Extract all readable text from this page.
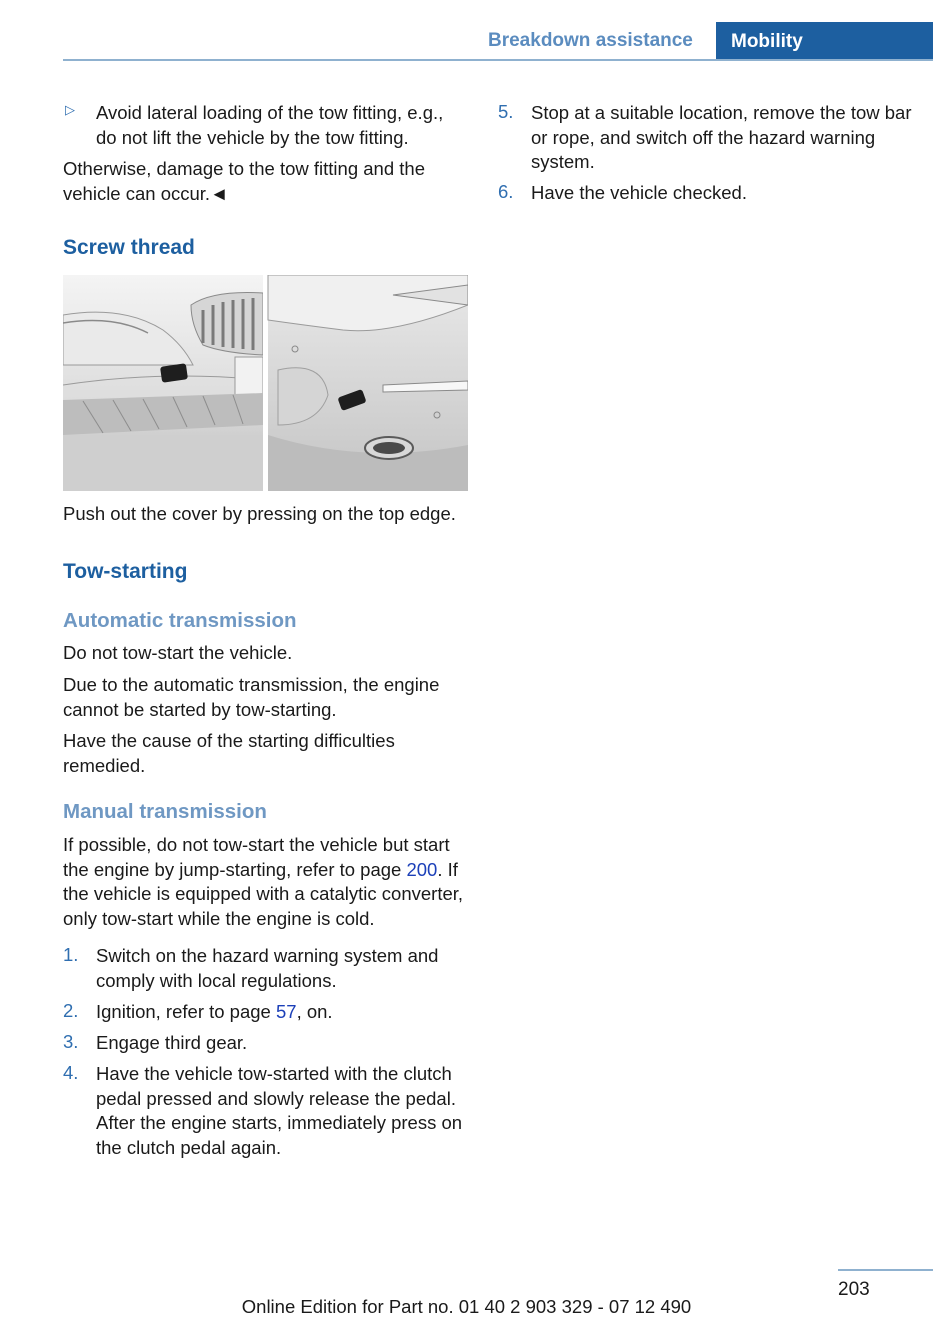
Breakdown assistance	Mobility
▷ Avoid lateral loading of the tow fitting, e.g., do not lift the vehicle by the tow fitting.

Otherwise, damage to the tow fitting and the vehicle can occur.◄

Screw thread

Push out the cover by pressing on the top edge.

Tow-starting
Automatic transmission

Do not tow-start the vehicle.

Due to the automatic transmission, the engine cannot be started by tow-starting.

Have the cause of the starting difficulties remedied.

Manual transmission

If possible, do not tow-start the vehicle but start the engine by jump-starting, refer to page 200. If the vehicle is equipped with a catalytic converter, only tow-start while the engine is cold.

1. Switch on the hazard warning system and comply with local regulations.

2. Ignition, refer to page 57, on.

3. Engage third gear.

4. Have the vehicle tow-started with the clutch pedal pressed and slowly release the pedal. After the engine starts, immediately press on the clutch pedal again.

5. Stop at a suitable location, remove the tow bar or rope, and switch off the hazard warning system.

6. Have the vehicle checked.

203
Online Edition for Part no. 01 40 2 903 329 - 07 12 490
